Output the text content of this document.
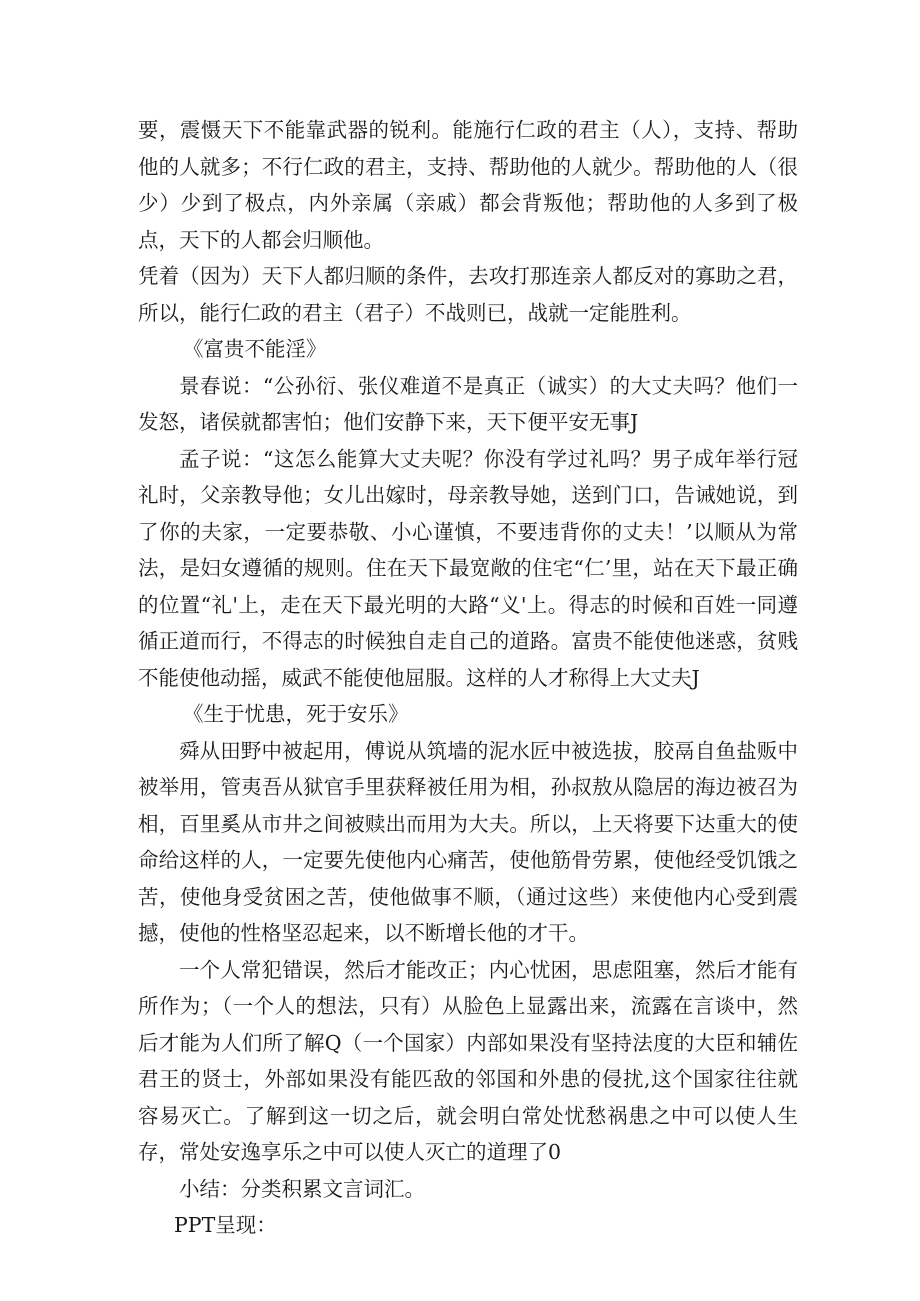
要，震慑天下不能靠武器的锐利。能施行仁政的君主（人），支持、帮助他的人就多；不行仁政的君主，支持、帮助他的人就少。帮助他的人（很少）少到了极点，内外亲属（亲戚）都会背叛他；帮助他的人多到了极点，天下的人都会归顺他。

凭着（因为）天下人都归顺的条件，去攻打那连亲人都反对的寡助之君，所以，能行仁政的君主（君子）不战则已，战就一定能胜利。

《富贵不能淫》

景春说：“公孙衍、张仪难道不是真正（诚实）的大丈夫吗？他们一发怒，诸侯就都害怕；他们安静下来，天下便平安无事J

孟子说：“这怎么能算大丈夫呢？你没有学过礼吗？男子成年举行冠礼时，父亲教导他；女儿出嫁时，母亲教导她，送到门口，告诫她说，到了你的夫家，一定要恭敬、小心谨慎，不要违背你的丈夫！’以顺从为常法，是妇女遵循的规则。住在天下最宽敞的住宅“仁’里，站在天下最正确的位置“礼'上，走在天下最光明的大路“义'上。得志的时候和百姓一同遵循正道而行，不得志的时候独自走自己的道路。富贵不能使他迷惑，贫贱不能使他动摇，威武不能使他屈服。这样的人才称得上大丈夫J

《生于忧患，死于安乐》

舜从田野中被起用，傅说从筑墙的泥水匠中被选拔，胶鬲自鱼盐贩中被举用，管夷吾从狱官手里获释被任用为相，孙叔敖从隐居的海边被召为相，百里奚从市井之间被赎出而用为大夫。所以，上天将要下达重大的使命给这样的人，一定要先使他内心痛苦，使他筋骨劳累，使他经受饥饿之苦，使他身受贫困之苦，使他做事不顺，（通过这些）来使他内心受到震撼，使他的性格坚忍起来，以不断增长他的才干。

一个人常犯错误，然后才能改正；内心忧困，思虑阻塞，然后才能有所作为；（一个人的想法，只有）从脸色上显露出来，流露在言谈中，然后才能为人们所了解Q（一个国家）内部如果没有坚持法度的大臣和辅佐君王的贤士，外部如果没有能匹敌的邻国和外患的侵扰,这个国家往往就容易灭亡。了解到这一切之后，就会明白常处忧愁祸患之中可以使人生存，常处安逸享乐之中可以使人灭亡的道理了0

小结：分类积累文言词汇。

PPT呈现：
